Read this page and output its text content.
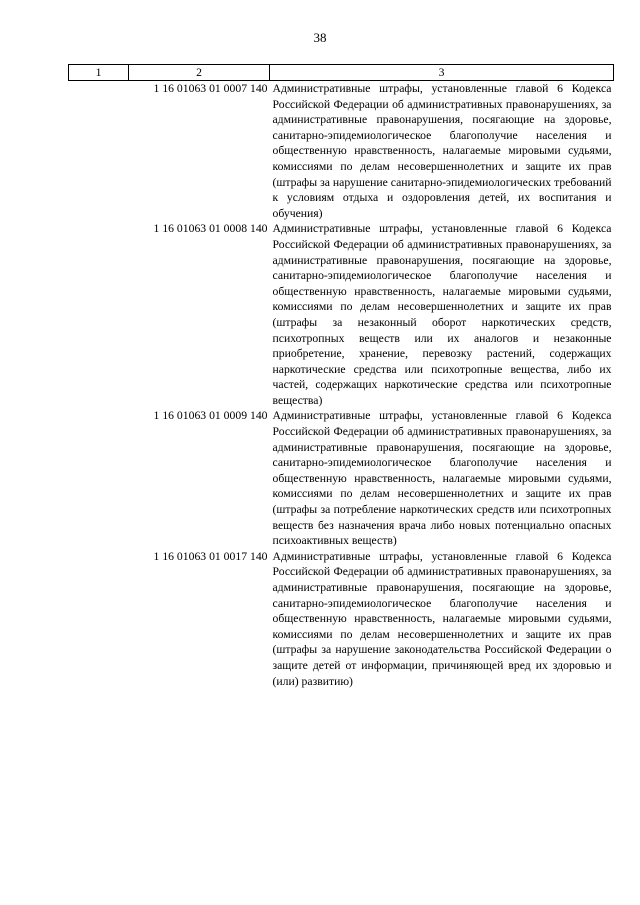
38
1	2	3
	1 16 01063 01 0007 140	Административные штрафы, установленные главой 6 Кодекса Российской Федерации об административных правонарушениях, за административные правонарушения, посягающие на здоровье, санитарно-эпидемиологическое благополучие населения и общественную нравственность, налагаемые мировыми судьями, комиссиями по делам несовершеннолетних и защите их прав (штрафы за нарушение санитарно-эпидемиологических требований к условиям отдыха и оздоровления детей, их воспитания и обучения)
	1 16 01063 01 0008 140	Административные штрафы, установленные главой 6 Кодекса Российской Федерации об административных правонарушениях, за административные правонарушения, посягающие на здоровье, санитарно-эпидемиологическое благополучие населения и общественную нравственность, налагаемые мировыми судьями, комиссиями по делам несовершеннолетних и защите их прав (штрафы за незаконный оборот наркотических средств, психотропных веществ или их аналогов и незаконные приобретение, хранение, перевозку растений, содержащих наркотические средства или психотропные вещества, либо их частей, содержащих наркотические средства или психотропные вещества)
	1 16 01063 01 0009 140	Административные штрафы, установленные главой 6 Кодекса Российской Федерации об административных правонарушениях, за административные правонарушения, посягающие на здоровье, санитарно-эпидемиологическое благополучие населения и общественную нравственность, налагаемые мировыми судьями, комиссиями по делам несовершеннолетних и защите их прав (штрафы за потребление наркотических средств или психотропных веществ без назначения врача либо новых потенциально опасных психоактивных веществ)
	1 16 01063 01 0017 140	Административные штрафы, установленные главой 6 Кодекса Российской Федерации об административных правонарушениях, за административные правонарушения, посягающие на здоровье, санитарно-эпидемиологическое благополучие населения и общественную нравственность, налагаемые мировыми судьями, комиссиями по делам несовершеннолетних и защите их прав (штрафы за нарушение законодательства Российской Федерации о защите детей от информации, причиняющей вред их здоровью и (или) развитию)
